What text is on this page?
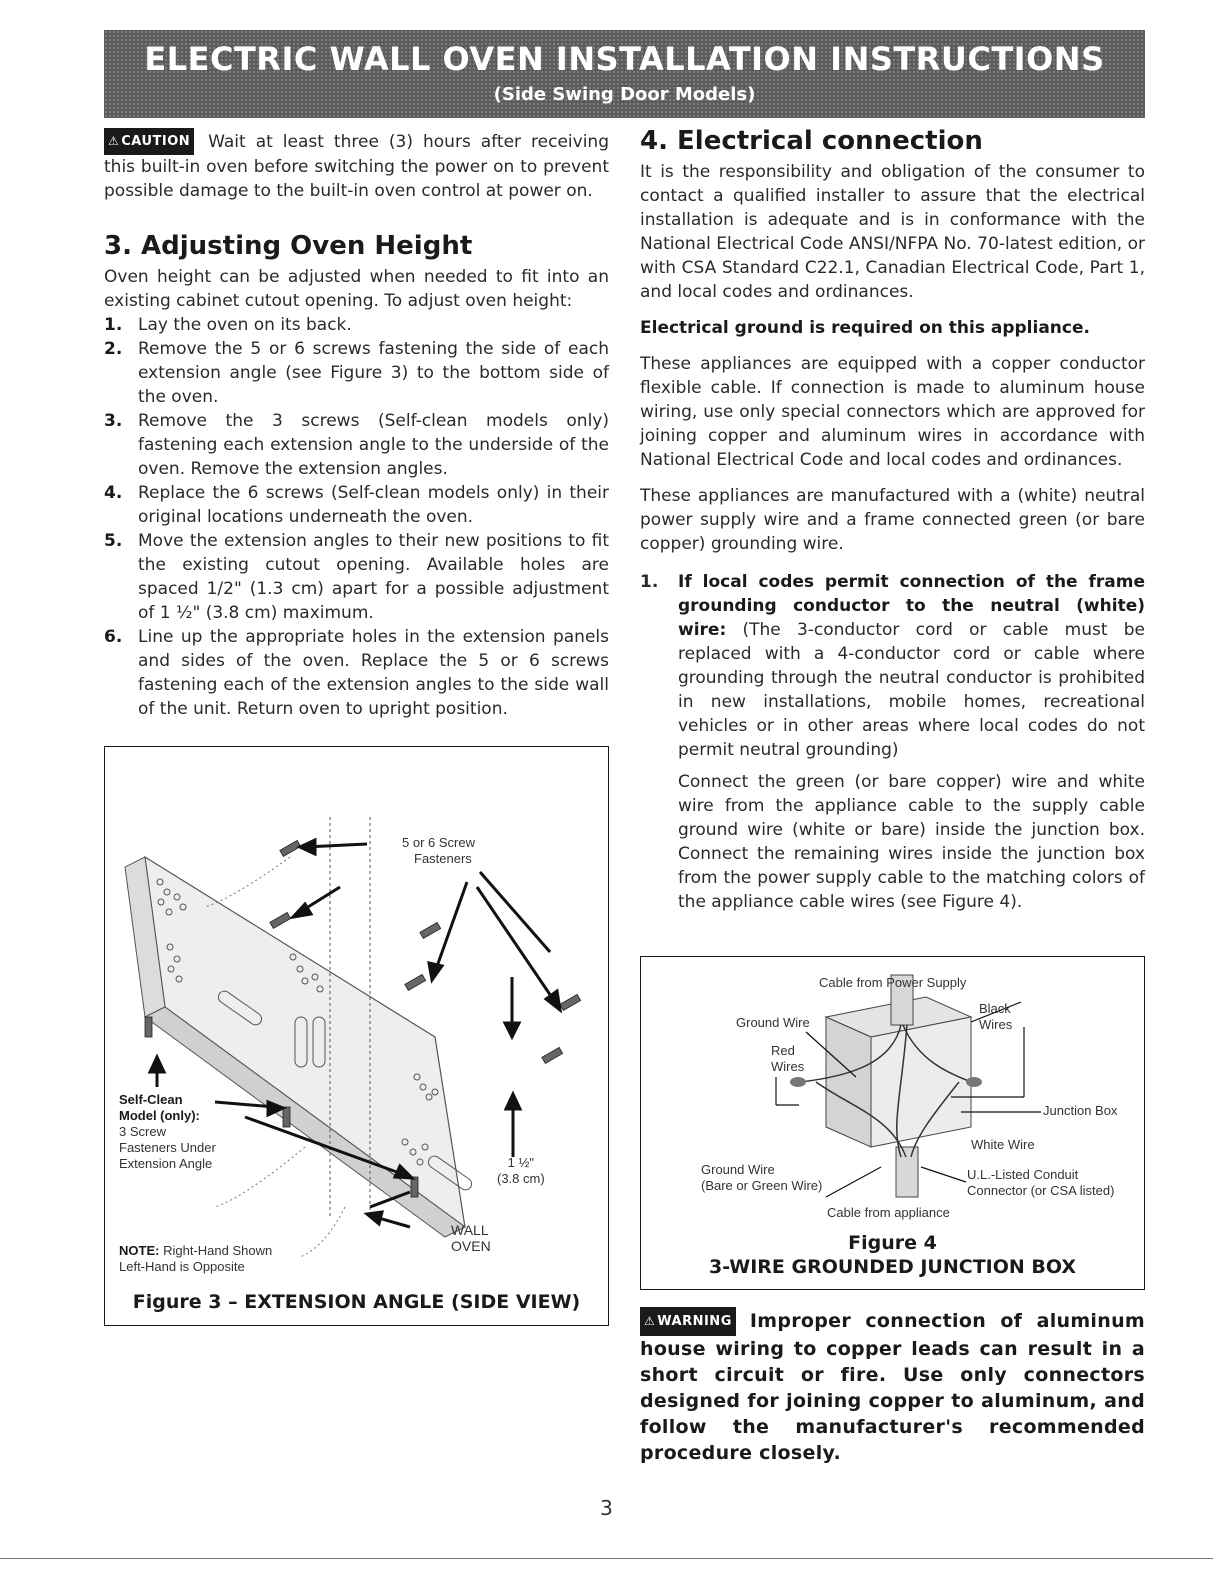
ELECTRIC WALL OVEN INSTALLATION INSTRUCTIONS
(Side Swing Door Models)

⚠ CAUTION Wait at least three (3) hours after receiving this built-in oven before switching the power on to prevent possible damage to the built-in oven control at power on.

3. Adjusting Oven Height

Oven height can be adjusted when needed to fit into an existing cabinet cutout opening. To adjust oven height:

1. Lay the oven on its back.
2. Remove the 5 or 6 screws fastening the side of each extension angle (see Figure 3) to the bottom side of the oven.
3. Remove the 3 screws (Self-clean models only) fastening each extension angle to the underside of the oven. Remove the extension angles.
4. Replace the 6 screws (Self-clean models only) in their original locations underneath the oven.
5. Move the extension angles to their new positions to fit the existing cutout opening. Available holes are spaced 1/2" (1.3 cm) apart for a possible adjustment of 1 ½" (3.8 cm) maximum.
6. Line up the appropriate holes in the extension panels and sides of the oven. Replace the 5 or 6 screws fastening each of the extension angles to the side wall of the unit. Return oven to upright position.
5 or 6 Screw
Fasteners
Self-Clean
Model (only):
3 Screw
Fasteners Under
Extension Angle	1 ½"
(3.8 cm)
WALL
OVEN
NOTE: Right-Hand Shown
Left-Hand is Opposite
Figure 3 – EXTENSION ANGLE (SIDE VIEW)
4. Electrical connection

It is the responsibility and obligation of the consumer to contact a qualified installer to assure that the electrical installation is adequate and is in conformance with the National Electrical Code ANSI/NFPA No. 70-latest edition, or with CSA Standard C22.1, Canadian Electrical Code, Part 1, and local codes and ordinances.

Electrical ground is required on this appliance.

These appliances are equipped with a copper conductor flexible cable. If connection is made to aluminum house wiring, use only special connectors which are approved for joining copper and aluminum wires in accordance with National Electrical Code and local codes and ordinances.

These appliances are manufactured with a (white) neutral power supply wire and a frame connected green (or bare copper) grounding wire.

1. If local codes permit connection of the frame grounding conductor to the neutral (white) wire: (The 3-conductor cord or cable must be replaced with a 4-conductor cord or cable where grounding through the neutral conductor is prohibited in new installations, mobile homes, recreational vehicles or in other areas where local codes do not permit neutral grounding)
Connect the green (or bare copper) wire and white wire from the appliance cable to the supply cable ground wire (white or bare) inside the junction box. Connect the remaining wires inside the junction box from the power supply cable to the matching colors of the appliance cable wires (see Figure 4).
Cable from Power Supply
Ground Wire
Black
Wires
Red
Wires
Junction Box
White Wire
Ground Wire
(Bare or Green Wire)
U.L.-Listed Conduit
Connector (or CSA listed)
Cable from appliance
Figure 4
3-WIRE GROUNDED JUNCTION BOX

⚠ WARNING Improper connection of aluminum house wiring to copper leads can result in a short circuit or fire. Use only connectors designed for joining copper to aluminum, and follow the manufacturer's recommended procedure closely.

3
